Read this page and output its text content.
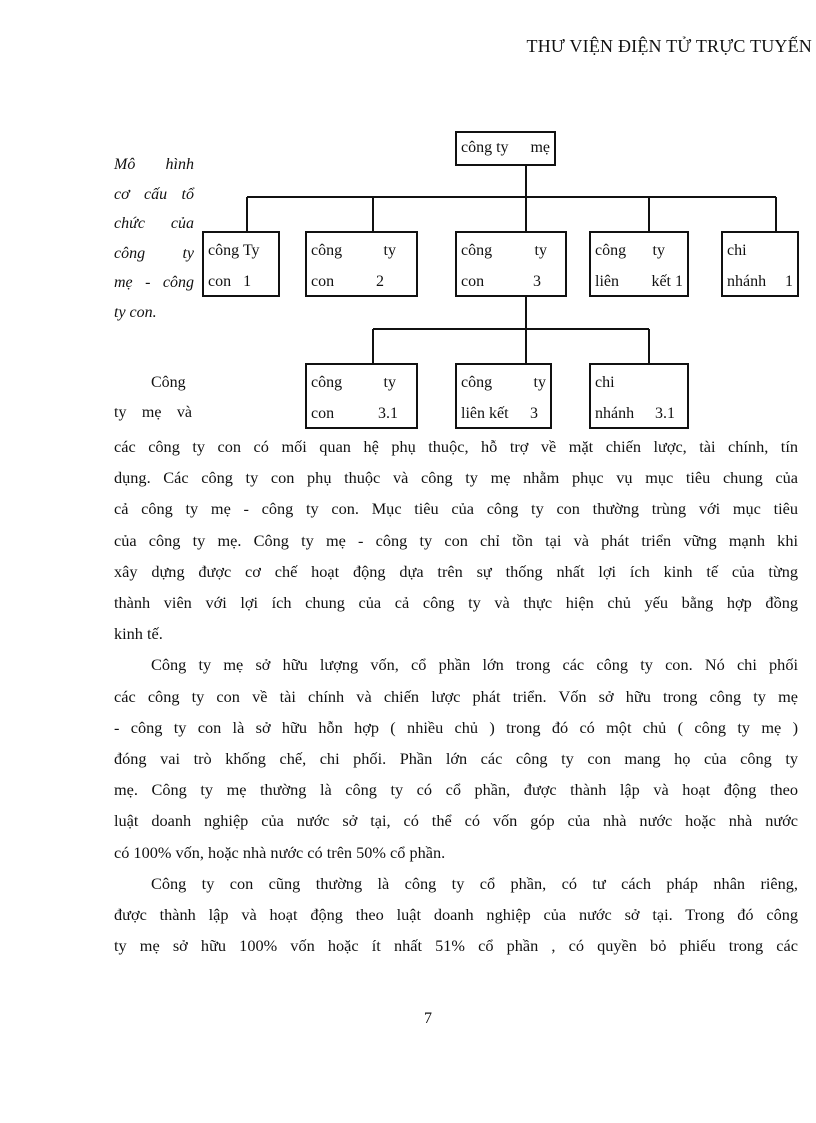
THƯ VIỆN ĐIỆN TỬ TRỰC TUYẾN
Mô hình
cơ cấu tổ
chức của
công ty
mẹ - công
ty con.
công ty mẹ
công Ty
con 1
công	ty
con	2
công	ty
con	3
công ty
liên kết 1
chi
nhánh 1
công	ty
con	3.1
công	ty
liên kết 3
chi
nhánh 3.1
Công
ty mẹ và

các công ty con có mối quan hệ phụ thuộc, hỗ trợ về mặt chiến lược, tài chính, tín
dụng. Các công ty con phụ thuộc và công ty mẹ nhằm phục vụ mục tiêu chung của
cả công ty mẹ - công ty con. Mục tiêu của công ty con thường trùng với mục tiêu
của công ty mẹ. Công ty mẹ - công ty con chỉ tồn tại và phát triển vững mạnh khi
xây dựng được cơ chế hoạt động dựa trên sự thống nhất lợi ích kinh tế của từng
thành viên với lợi ích chung của cả công ty và thực hiện chủ yếu bằng hợp đồng
kinh tế.

Công ty mẹ sở hữu lượng vốn, cổ phần lớn trong các công ty con. Nó chi phối
các công ty con về tài chính và chiến lược phát triển. Vốn sở hữu trong công ty mẹ
- công ty con là sở hữu hỗn hợp ( nhiều chủ ) trong đó có một chủ ( công ty mẹ )
đóng vai trò khống chế, chi phối. Phần lớn các công ty con mang họ của công ty
mẹ. Công ty mẹ thường là công ty có cổ phần, được thành lập và hoạt động theo
luật doanh nghiệp của nước sở tại, có thể có vốn góp của nhà nước hoặc nhà nước
có 100% vốn, hoặc nhà nước có trên 50% cổ phần.

Công ty con cũng thường là công ty cổ phần, có tư cách pháp nhân riêng,
được thành lập và hoạt động theo luật doanh nghiệp của nước sở tại. Trong đó công
ty mẹ sở hữu 100% vốn hoặc ít nhất 51% cổ phần , có quyền bỏ phiếu trong các

7
